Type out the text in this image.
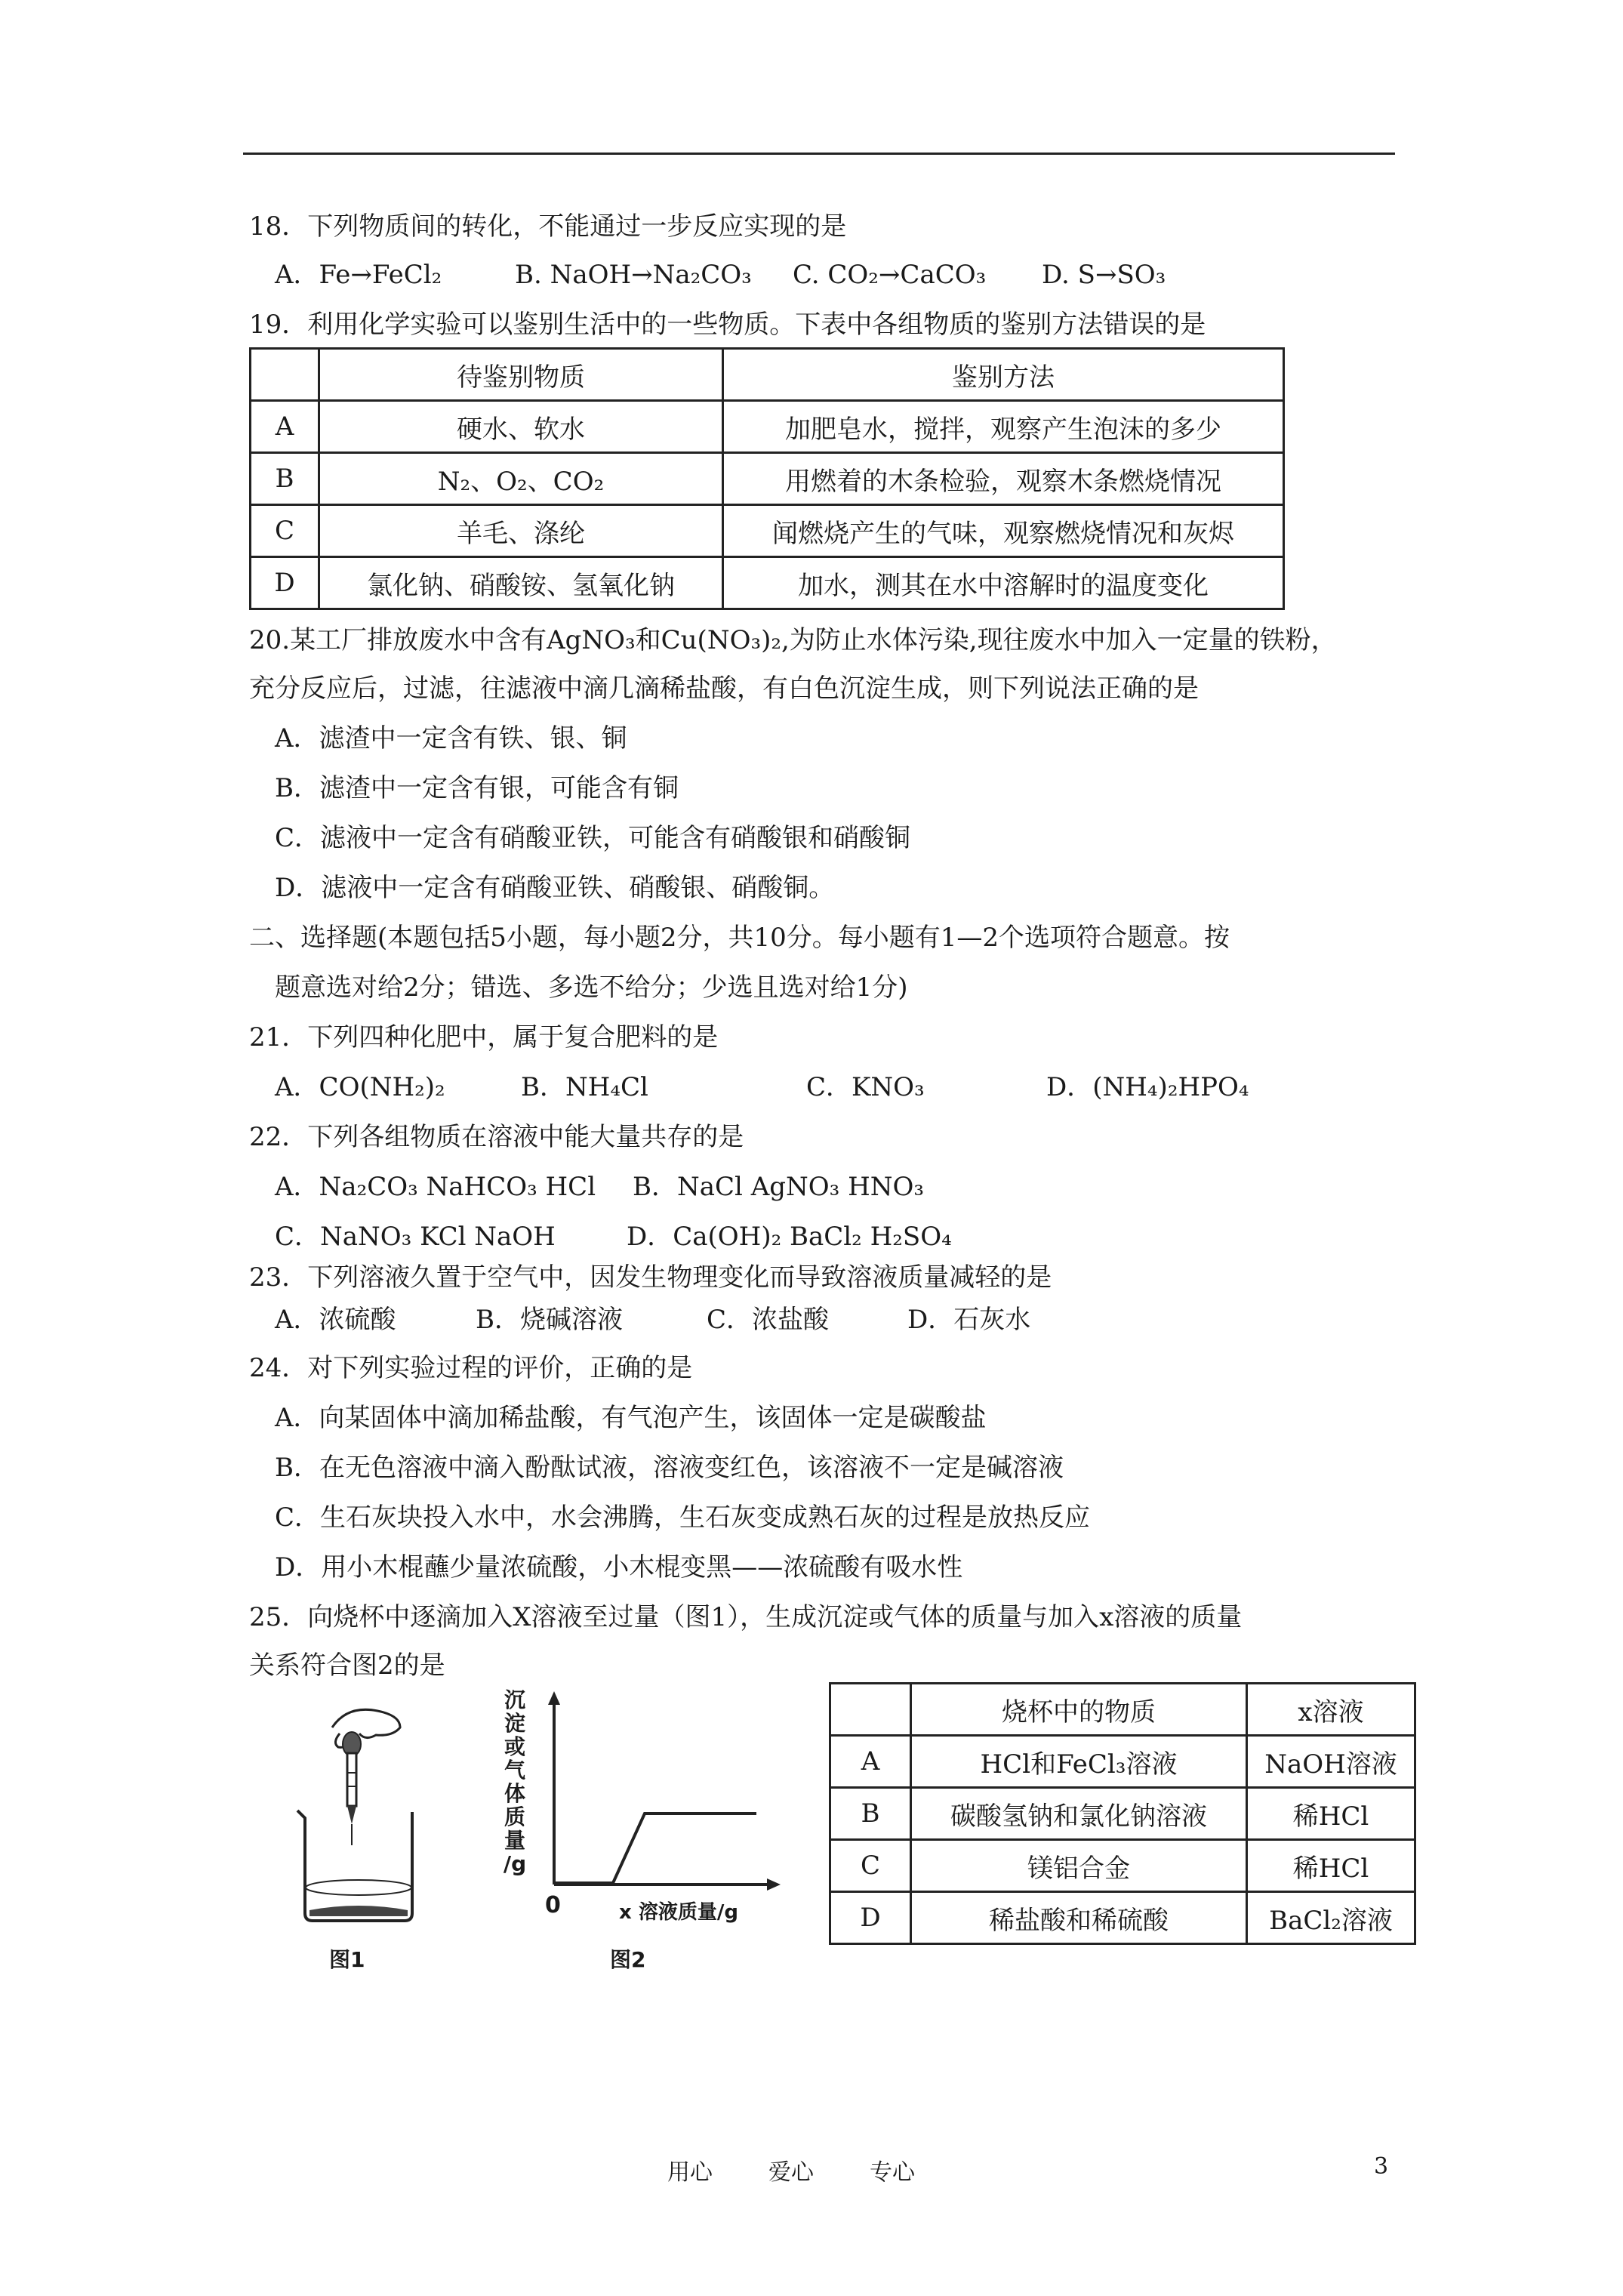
18．下列物质间的转化，不能通过一步反应实现的是
A．Fe→FeCl₂	B. NaOH→Na₂CO₃ C. CO₂→CaCO₃ D. S→SO₃
19．利用化学实验可以鉴别生活中的一些物质。下表中各组物质的鉴别方法错误的是
	待鉴别物质	鉴别方法
A	硬水、软水	加肥皂水，搅拌，观察产生泡沫的多少
B	N₂、O₂、CO₂	用燃着的木条检验，观察木条燃烧情况
C	羊毛、涤纶	闻燃烧产生的气味，观察燃烧情况和灰烬
D	氯化钠、硝酸铵、氢氧化钠	加水，测其在水中溶解时的温度变化
20.某工厂排放废水中含有AgNO₃和Cu(NO₃)₂,为防止水体污染,现往废水中加入一定量的铁粉，
充分反应后，过滤，往滤液中滴几滴稀盐酸，有白色沉淀生成，则下列说法正确的是
A．滤渣中一定含有铁、银、铜
B．滤渣中一定含有银，可能含有铜
C．滤液中一定含有硝酸亚铁，可能含有硝酸银和硝酸铜
D．滤液中一定含有硝酸亚铁、硝酸银、硝酸铜。
二、选择题(本题包括5小题，每小题2分，共10分。每小题有1—2个选项符合题意。按
题意选对给2分；错选、多选不给分；少选且选对给1分)
21．下列四种化肥中，属于复合肥料的是
A．CO(NH₂)₂	B．NH₄Cl	C．KNO₃	D．(NH₄)₂HPO₄
22．下列各组物质在溶液中能大量共存的是
A．Na₂CO₃ NaHCO₃ HCl B．NaCl AgNO₃ HNO₃
C．NaNO₃ KCl NaOH	D．Ca(OH)₂ BaCl₂ H₂SO₄
23．下列溶液久置于空气中，因发生物理变化而导致溶液质量减轻的是
A．浓硫酸	B．烧碱溶液	C．浓盐酸	D．石灰水
24．对下列实验过程的评价，正确的是
A．向某固体中滴加稀盐酸，有气泡产生，该固体一定是碳酸盐
B．在无色溶液中滴入酚酞试液，溶液变红色，该溶液不一定是碱溶液
C．生石灰块投入水中，水会沸腾，生石灰变成熟石灰的过程是放热反应
D．用小木棍蘸少量浓硫酸，小木棍变黑——浓硫酸有吸水性
25．向烧杯中逐滴加入X溶液至过量（图1），生成沉淀或气体的质量与加入x溶液的质量
关系符合图2的是
图1
沉
淀
或
气
体
质
量
/g
0	x 溶液质量/g
图2
	烧杯中的物质	x溶液
A	HCl和FeCl₃溶液	NaOH溶液
B	碳酸氢钠和氯化钠溶液	稀HCl
C	镁铝合金	稀HCl
D	稀盐酸和稀硫酸	BaCl₂溶液
用心 爱心 专心	3
